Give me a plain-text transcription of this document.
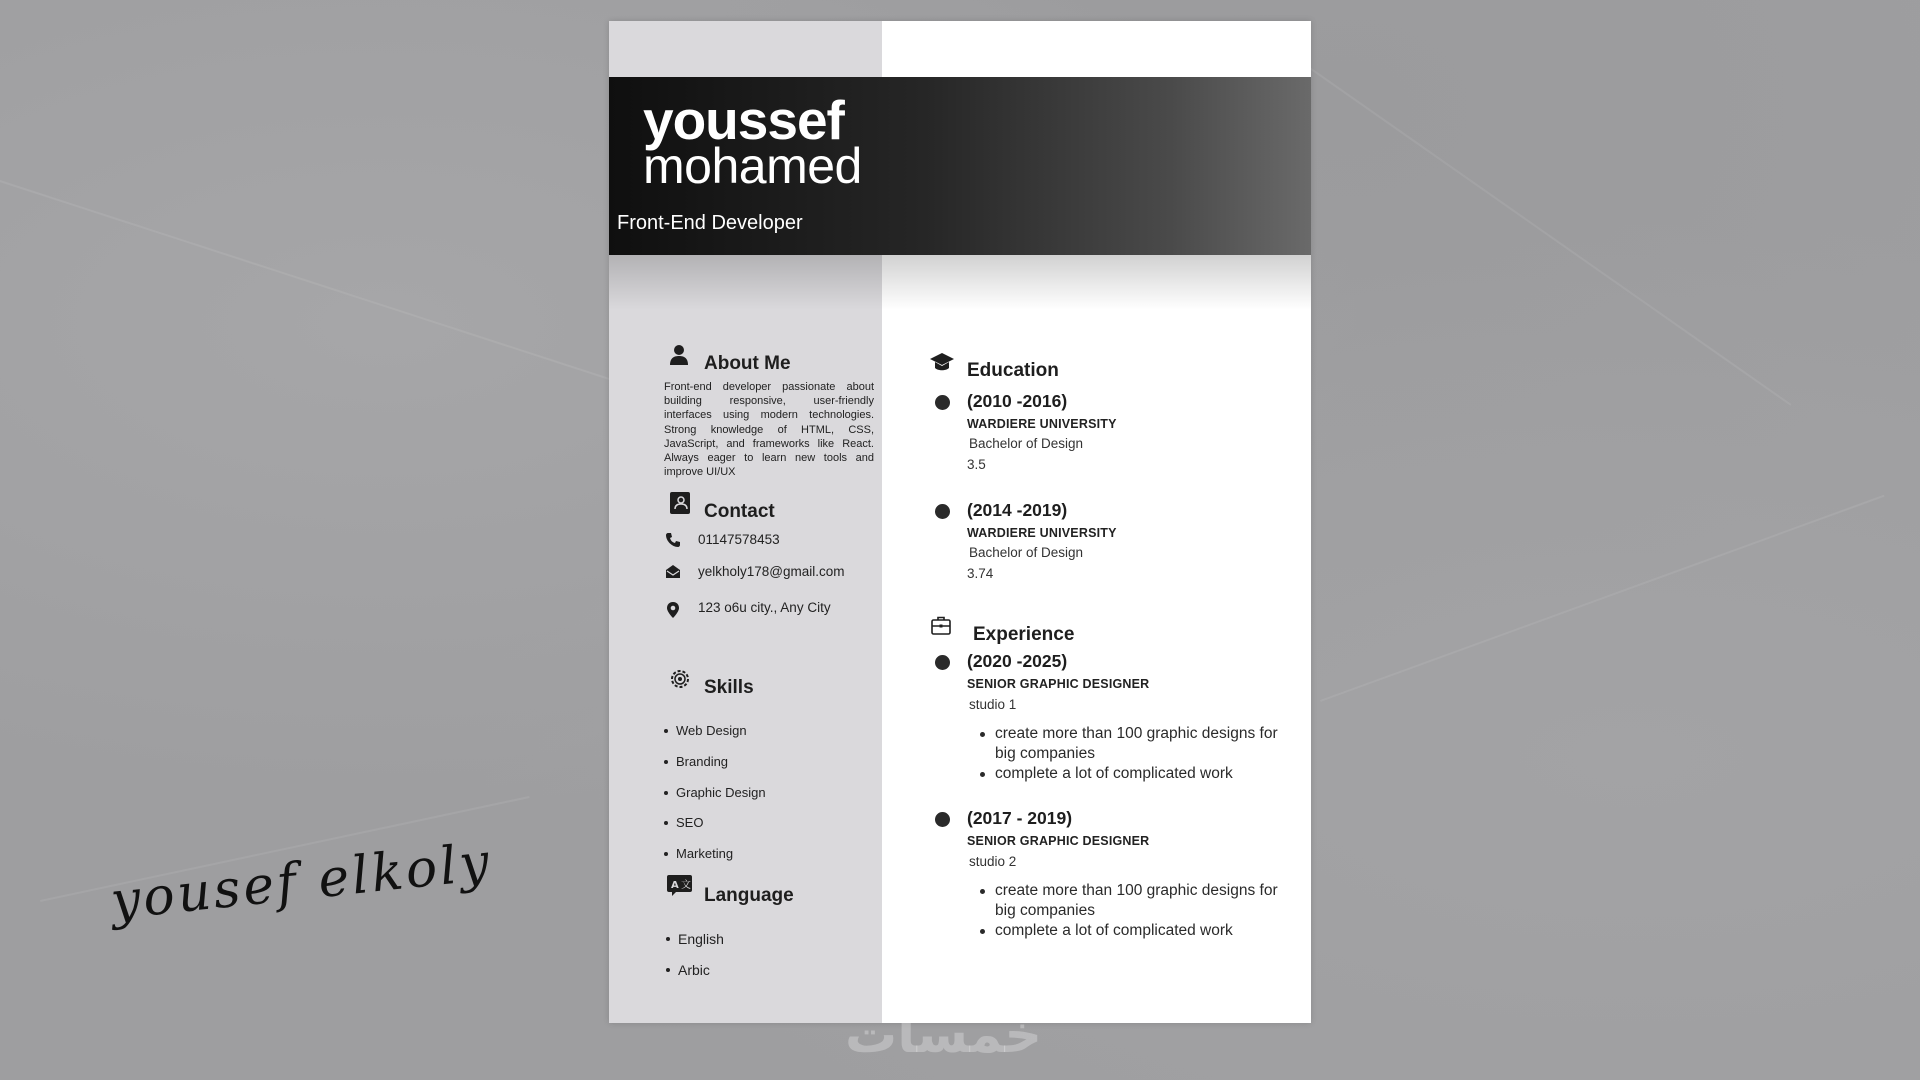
youssef
mohamed
Front-End Developer
About Me
Front-end developer passionate about building responsive, user-friendly interfaces using modern technologies. Strong knowledge of HTML, CSS, JavaScript, and frameworks like React. Always eager to learn new tools and improve UI/UX
Contact
01147578453
yelkholy178@gmail.com
123 o6u city., Any City
Skills
Web Design
Branding
Graphic Design
SEO
Marketing
A 文 Language
English
Arbic
Education
(2010 -2016)
WARDIERE UNIVERSITY
Bachelor of Design
3.5
(2014 -2019)
WARDIERE UNIVERSITY
Bachelor of Design
3.74
Experience
(2020 -2025)
SENIOR GRAPHIC DESIGNER
studio 1
create more than 100 graphic designs for big companies
complete a lot of complicated work
(2017 - 2019)
SENIOR GRAPHIC DESIGNER
studio 2
create more than 100 graphic designs for big companies
complete a lot of complicated work
yousef elkoly
خمسات
